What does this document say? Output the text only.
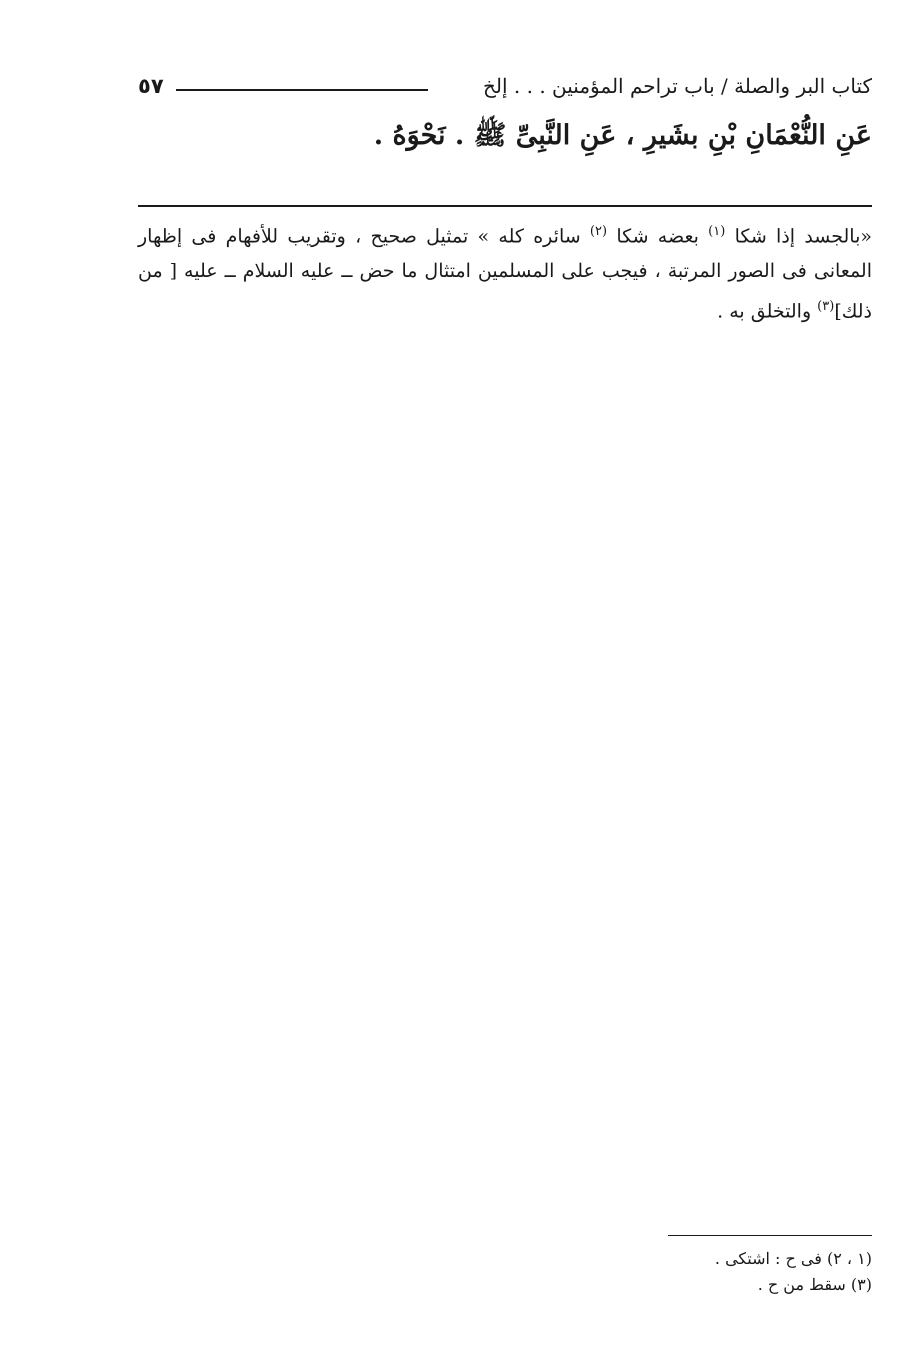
٥٧	كتاب البر والصلة / باب تراحم المؤمنين . . . إلخ
عَنِ النُّعْمَانِ بْنِ بشَيرِ ، عَنِ النَّبِىِّ ﷺ . نَحْوَهُ .
«بالجسد إذا شكا $^{(١)}$ بعضه شكا $^{(٢)}$ سائره كله » تمثيل صحيح ، وتقريب للأفهام فى إظهار المعانى فى الصور المرتبة ، فيجب على المسلمين امتثال ما حض ــ عليه السلام ــ عليه [ من ذلك]$^{(٣)}$ والتخلق به .
(١ ، ٢) فى ح : اشتكى .
(٣) سقط من ح .
